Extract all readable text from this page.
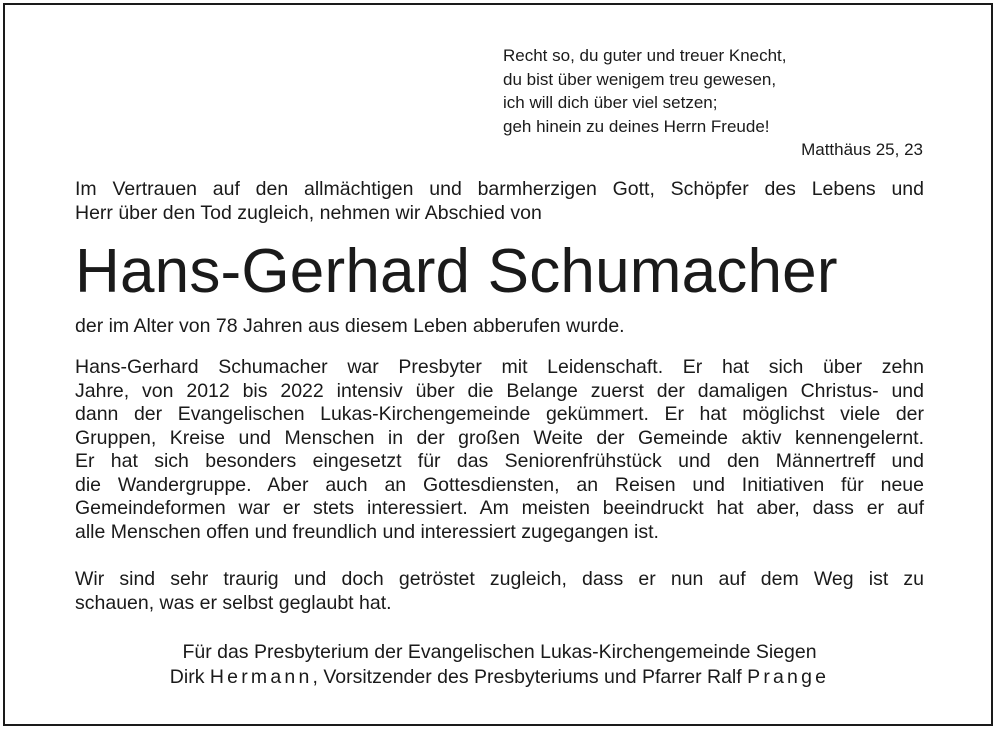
Recht so, du guter und treuer Knecht,
du bist über wenigem treu gewesen,
ich will dich über viel setzen;
geh hinein zu deines Herrn Freude!
Matthäus 25, 23
Im Vertrauen auf den allmächtigen und barmherzigen Gott, Schöpfer des Lebens und
Herr über den Tod zugleich, nehmen wir Abschied von
Hans-Gerhard Schumacher
der im Alter von 78 Jahren aus diesem Leben abberufen wurde.
Hans-Gerhard Schumacher war Presbyter mit Leidenschaft. Er hat sich über zehn
Jahre, von 2012 bis 2022 intensiv über die Belange zuerst der damaligen Christus- und
dann der Evangelischen Lukas-Kirchengemeinde gekümmert. Er hat möglichst viele der
Gruppen, Kreise und Menschen in der großen Weite der Gemeinde aktiv kennengelernt.
Er hat sich besonders eingesetzt für das Seniorenfrühstück und den Männertreff und
die Wandergruppe. Aber auch an Gottesdiensten, an Reisen und Initiativen für neue
Gemeindeformen war er stets interessiert. Am meisten beeindruckt hat aber, dass er auf
alle Menschen offen und freundlich und interessiert zugegangen ist.
Wir sind sehr traurig und doch getröstet zugleich, dass er nun auf dem Weg ist zu
schauen, was er selbst geglaubt hat.
Für das Presbyterium der Evangelischen Lukas-Kirchengemeinde Siegen
Dirk Hermann, Vorsitzender des Presbyteriums und Pfarrer Ralf Prange
